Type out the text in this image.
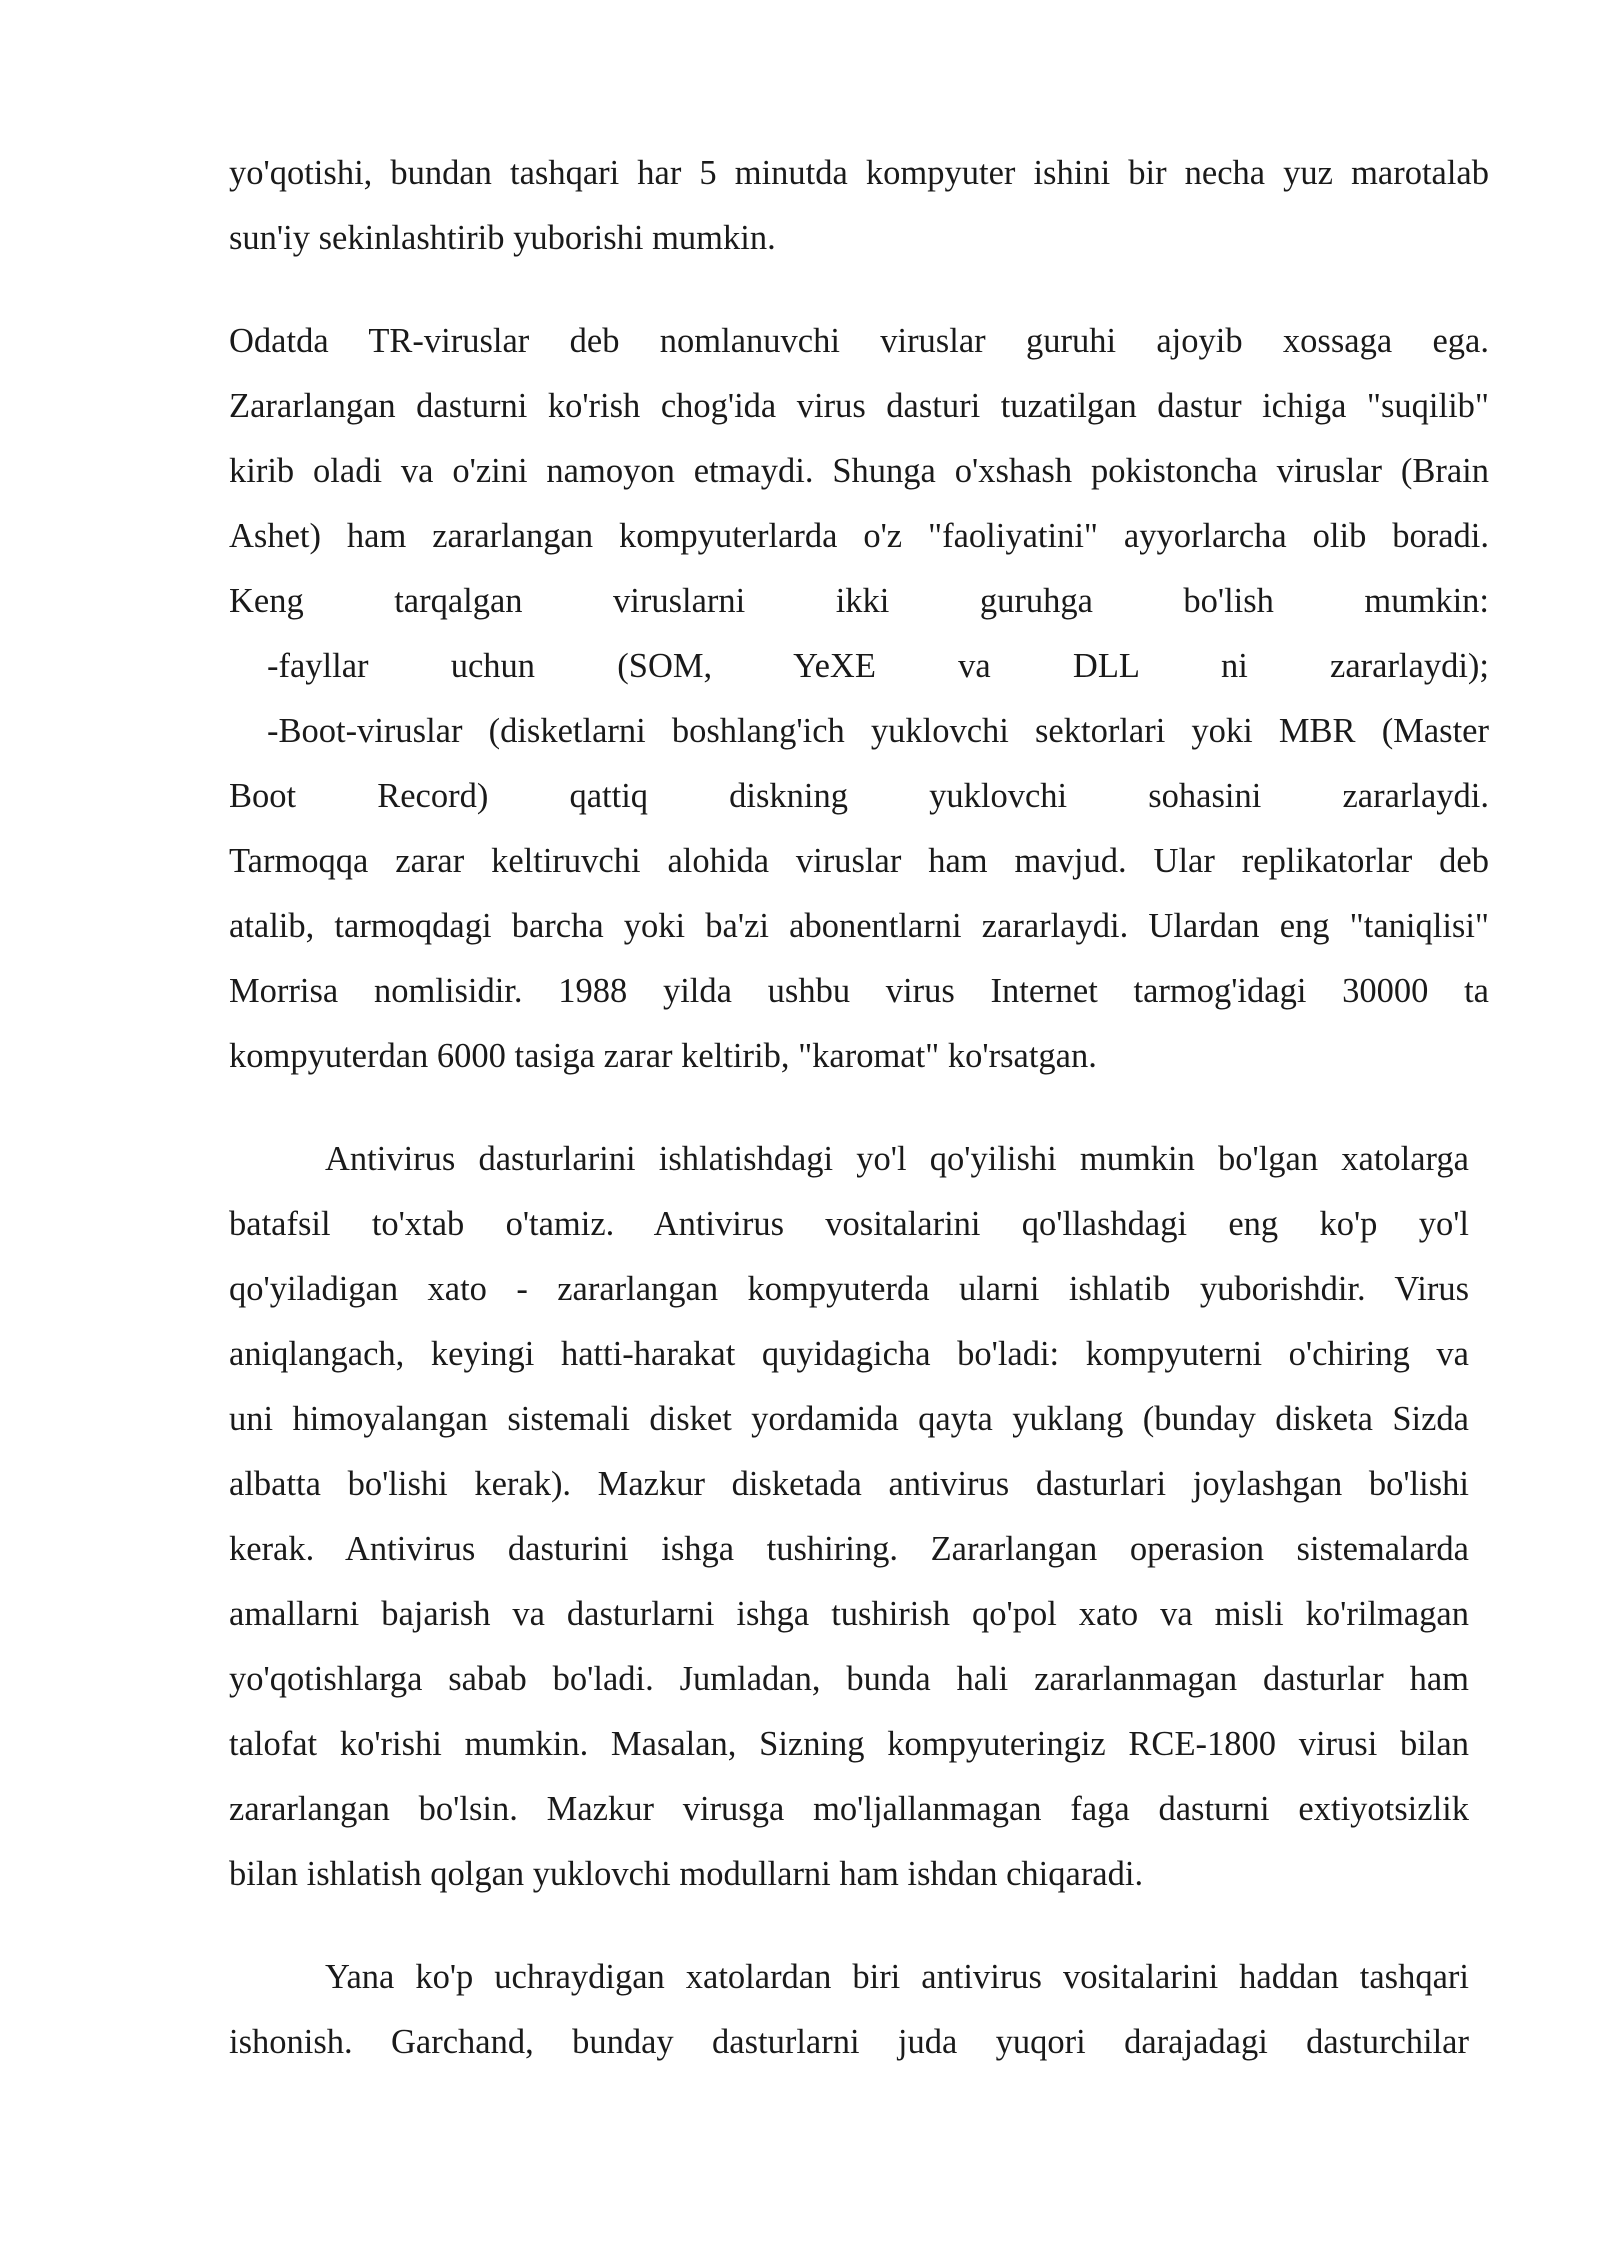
yo'qotishi, bundan tashqari har 5 minutda kompyuter ishini bir necha yuz marotalab
sun'iy sekinlashtirib yuborishi mumkin.

Odatda TR-viruslar deb nomlanuvchi viruslar guruhi ajoyib xossaga ega.
Zararlangan dasturni ko'rish chog'ida virus dasturi tuzatilgan dastur ichiga "suqilib"
kirib oladi va o'zini namoyon etmaydi. Shunga o'xshash pokistoncha viruslar (Brain
Ashet) ham zararlangan kompyuterlarda o'z "faoliyatini" ayyorlarcha olib boradi.
Keng tarqalgan viruslarni ikki guruhga bo'lish mumkin:
-fayllar uchun (SOM, YeXE va DLL ni zararlaydi);
-Boot-viruslar (disketlarni boshlang'ich yuklovchi sektorlari yoki MBR (Master
Boot Record) qattiq diskning yuklovchi sohasini zararlaydi.
Tarmoqqa zarar keltiruvchi alohida viruslar ham mavjud. Ular replikatorlar deb
atalib, tarmoqdagi barcha yoki ba'zi abonentlarni zararlaydi. Ulardan eng "taniqlisi"
Morrisa nomlisidir. 1988 yilda ushbu virus Internet tarmog'idagi 30000 ta
kompyuterdan 6000 tasiga zarar keltirib, "karomat" ko'rsatgan.

Antivirus dasturlarini ishlatishdagi yo'l qo'yilishi mumkin bo'lgan xatolarga
batafsil to'xtab o'tamiz. Antivirus vositalarini qo'llashdagi eng ko'p yo'l
qo'yiladigan xato - zararlangan kompyuterda ularni ishlatib yuborishdir. Virus
aniqlangach, keyingi hatti-harakat quyidagicha bo'ladi: kompyuterni o'chiring va
uni himoyalangan sistemali disket yordamida qayta yuklang (bunday disketa Sizda
albatta bo'lishi kerak). Mazkur disketada antivirus dasturlari joylashgan bo'lishi
kerak. Antivirus dasturini ishga tushiring. Zararlangan operasion sistemalarda
amallarni bajarish va dasturlarni ishga tushirish qo'pol xato va misli ko'rilmagan
yo'qotishlarga sabab bo'ladi. Jumladan, bunda hali zararlanmagan dasturlar ham
talofat ko'rishi mumkin. Masalan, Sizning kompyuteringiz RCE-1800 virusi bilan
zararlangan bo'lsin. Mazkur virusga mo'ljallanmagan faga dasturni extiyotsizlik
bilan ishlatish qolgan yuklovchi modullarni ham ishdan chiqaradi.

Yana ko'p uchraydigan xatolardan biri antivirus vositalarini haddan tashqari
ishonish. Garchand, bunday dasturlarni juda yuqori darajadagi dasturchilar
